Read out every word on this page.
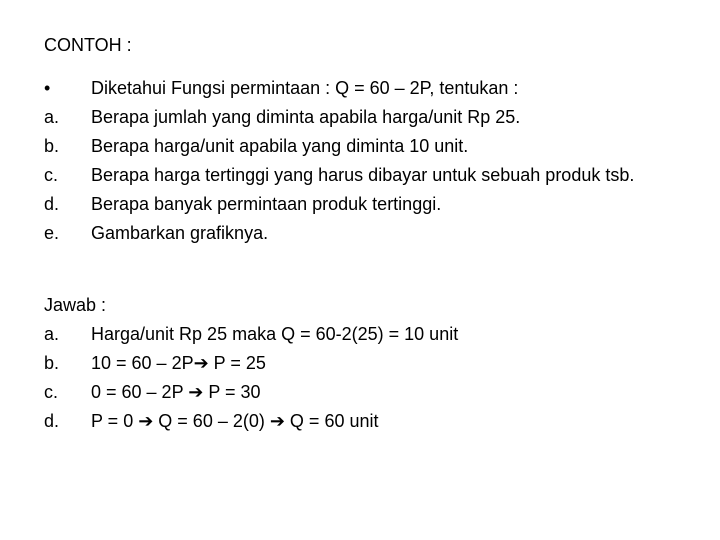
CONTOH :
•	Diketahui Fungsi permintaan : Q = 60 – 2P, tentukan :
a.	Berapa jumlah yang diminta apabila harga/unit Rp 25.
b.	Berapa harga/unit apabila yang diminta 10 unit.
c.	Berapa harga tertinggi yang harus dibayar untuk sebuah produk tsb.
d.	Berapa banyak permintaan produk tertinggi.
e.	Gambarkan grafiknya.
Jawab :
a.	Harga/unit Rp 25 maka Q = 60-2(25) = 10 unit
b.	10 = 60 – 2P➔ P = 25
c.	0 = 60 – 2P ➔ P = 30
d.	P = 0 ➔ Q = 60 – 2(0) ➔ Q = 60 unit
